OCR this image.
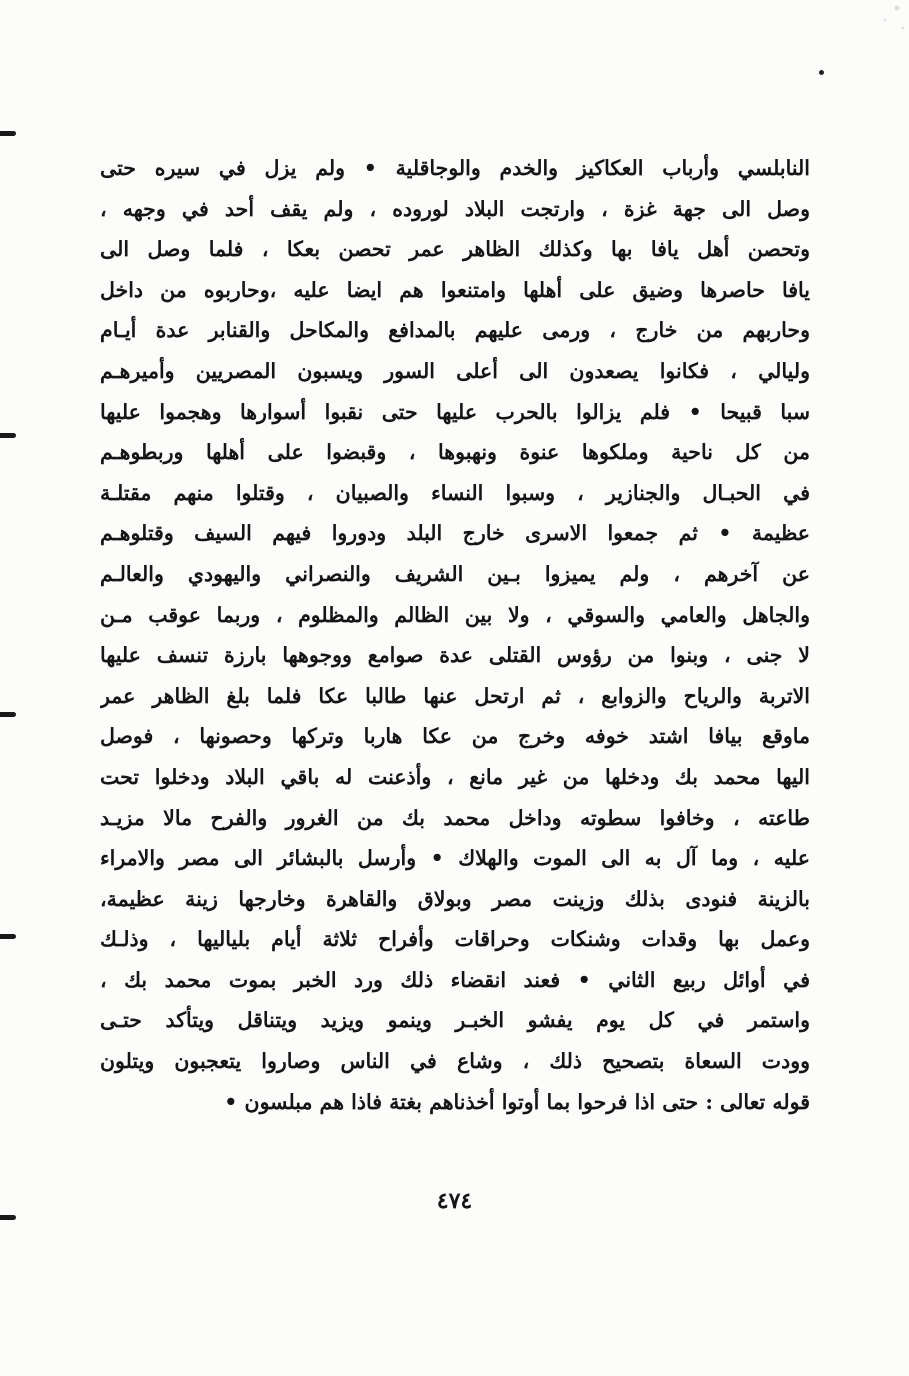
النابلسي وأرباب العكاكيز والخدم والوجاقلية • ولم يزل في سيره حتى
وصل الى جهة غزة ، وارتجت البلاد لوروده ، ولم يقف أحد في وجهه ،
وتحصن أهل يافا بها وكذلك الظاهر عمر تحصن بعكا ، فلما وصل الى
يافا حاصرها وضيق على أهلها وامتنعوا هم ايضا عليه ،وحاربوه من داخل
وحاربهم من خارج ، ورمى عليهم بالمدافع والمكاحل والقنابر عدة أيـام
وليالي ، فكانوا يصعدون الى أعلى السور ويسبون المصريين وأميرهـم
سبا قبيحا • فلم يزالوا بالحرب عليها حتى نقبوا أسوارها وهجموا عليها
من كل ناحية وملكوها عنوة ونهبوها ، وقبضوا على أهلها وربطوهـم
في الحبـال والجنازير ، وسبوا النساء والصبيان ، وقتلوا منهم مقتلـة
عظيمة • ثم جمعوا الاسرى خارج البلد ودوروا فيهم السيف وقتلوهـم
عن آخرهم ، ولم يميزوا بـين الشريف والنصراني واليهودي والعالـم
والجاهل والعامي والسوقي ، ولا بين الظالم والمظلوم ، وربما عوقب مـن
لا جنى ، وبنوا من رؤوس القتلى عدة صوامع ووجوهها بارزة تنسف عليها
الاتربة والرياح والزوابع ، ثم ارتحل عنها طالبا عكا فلما بلغ الظاهر عمر
ماوقع بيافا اشتد خوفه وخرج من عكا هاربا وتركها وحصونها ، فوصل
اليها محمد بك ودخلها من غير مانع ، وأذعنت له باقي البلاد ودخلوا تحت
طاعته ، وخافوا سطوته وداخل محمد بك من الغرور والفرح مالا مزيـد
عليه ، وما آل به الى الموت والهلاك • وأرسل بالبشائر الى مصر والامراء
بالزينة فنودى بذلك وزينت مصر وبولاق والقاهرة وخارجها زينة عظيمة،
وعمل بها وقدات وشنكات وحراقات وأفراح ثلاثة أيام بلياليها ، وذلـك
في أوائل ربيع الثاني • فعند انقضاء ذلك ورد الخبر بموت محمد بك ،
واستمر في كل يوم يفشو الخبـر وينمو ويزيد ويتناقل ويتأكد حتـى
وودت السعاة بتصحيح ذلك ، وشاع في الناس وصاروا يتعجبون ويتلون
قوله تعالى : حتى اذا فرحوا بما أوتوا أخذناهم بغتة فاذا هم مبلسون •
٤٧٤
